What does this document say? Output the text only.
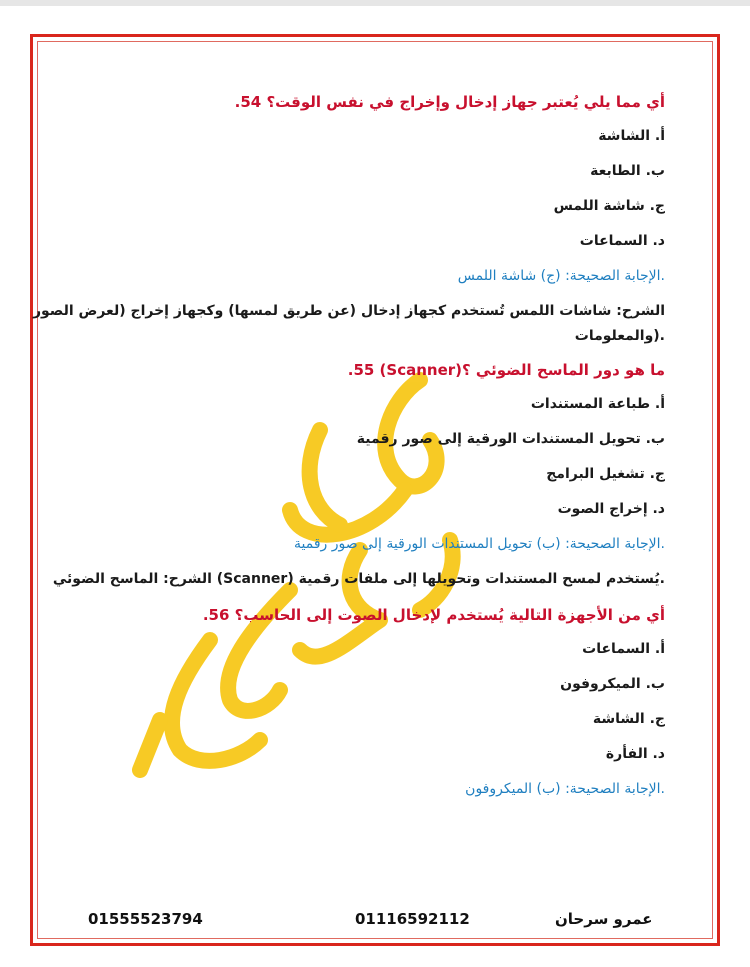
أي مما يلي يُعتبر جهاز إدخال وإخراج في نفس الوقت؟ 54.
أ. الشاشة
ب. الطابعة
ج. شاشة اللمس
د. السماعات
.الإجابة الصحيحة: (ج) شاشة اللمس
الشرح: شاشات اللمس تُستخدم كجهاز إدخال (عن طريق لمسها) وكجهاز إخراج (لعرض الصور
.(والمعلومات
ما هو دور الماسح الضوئي ؟(Scanner) 55.
أ. طباعة المستندات
ب. تحويل المستندات الورقية إلى صور رقمية
ج. تشغيل البرامج
د. إخراج الصوت
.الإجابة الصحيحة: (ب) تحويل المستندات الورقية إلى صور رقمية
.يُستخدم لمسح المستندات وتحويلها إلى ملفات رقمية (Scanner) الشرح: الماسح الضوئي
أي من الأجهزة التالية يُستخدم لإدخال الصوت إلى الحاسب؟ 56.
أ. السماعات
ب. الميكروفون
ج. الشاشة
د. الفأرة
.الإجابة الصحيحة: (ب) الميكروفون
عمرو سرحان
01116592112
01555523794
